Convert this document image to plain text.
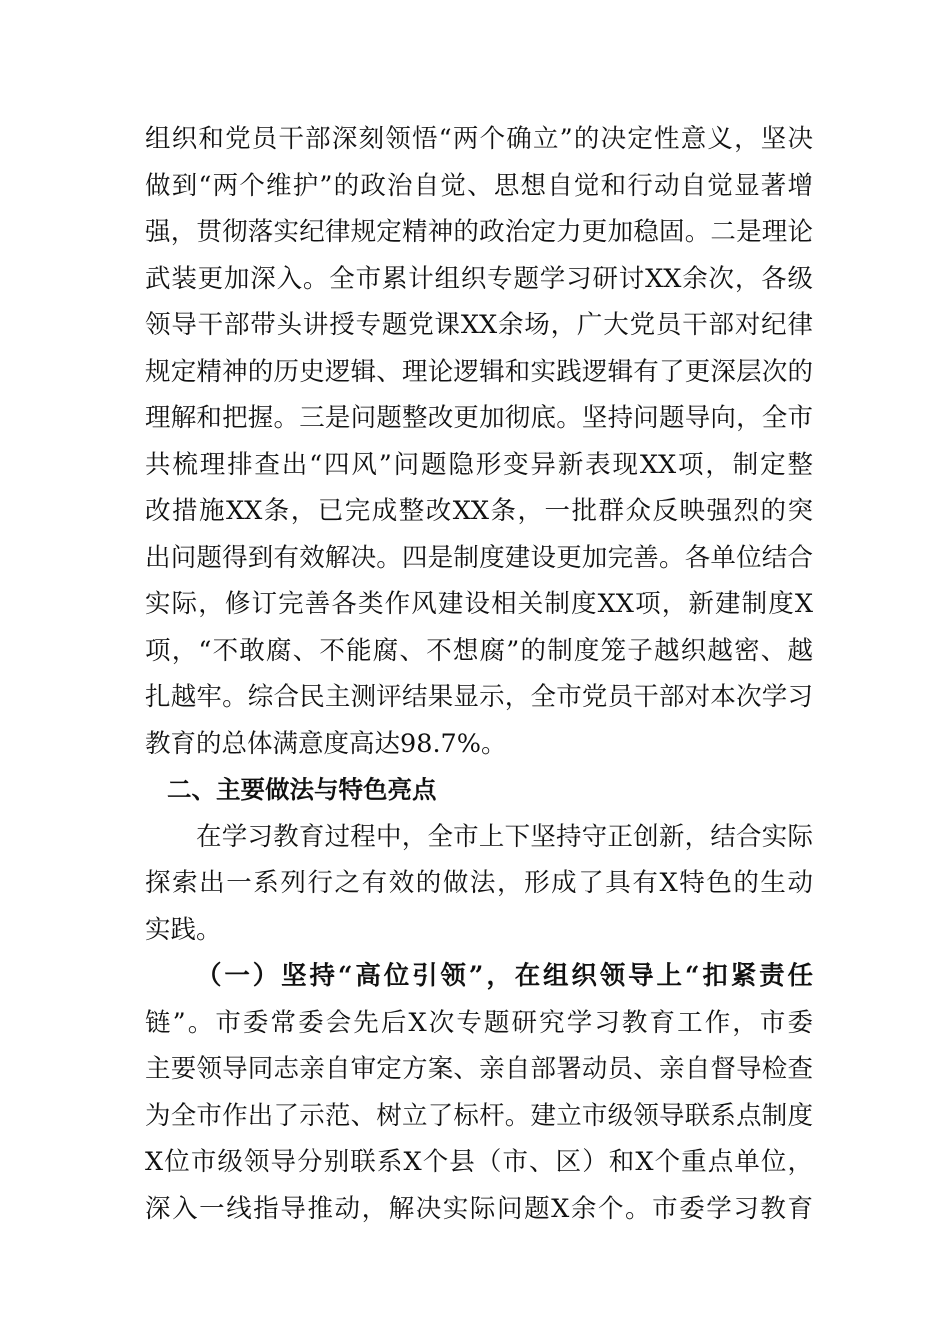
组织和党员干部深刻领悟“两个确立”的决定性意义，坚决
做到“两个维护”的政治自觉、思想自觉和行动自觉显著增
强，贯彻落实纪律规定精神的政治定力更加稳固。二是理论
武装更加深入。全市累计组织专题学习研讨XX余次，各级
领导干部带头讲授专题党课XX余场，广大党员干部对纪律
规定精神的历史逻辑、理论逻辑和实践逻辑有了更深层次的
理解和把握。三是问题整改更加彻底。坚持问题导向，全市
共梳理排查出“四风”问题隐形变异新表现XX项，制定整
改措施XX条，已完成整改XX条，一批群众反映强烈的突
出问题得到有效解决。四是制度建设更加完善。各单位结合
实际，修订完善各类作风建设相关制度XX项，新建制度X
项，“不敢腐、不能腐、不想腐”的制度笼子越织越密、越
扎越牢。综合民主测评结果显示，全市党员干部对本次学习
教育的总体满意度高达98.7%。
二、主要做法与特色亮点
在学习教育过程中，全市上下坚持守正创新，结合实际
探索出一系列行之有效的做法，形成了具有X特色的生动
实践。
（一）坚持“高位引领”，在组织领导上“扣紧责任
链”。市委常委会先后X次专题研究学习教育工作，市委
主要领导同志亲自审定方案、亲自部署动员、亲自督导检查
为全市作出了示范、树立了标杆。建立市级领导联系点制度
X位市级领导分别联系X个县（市、区）和X个重点单位，
深入一线指导推动，解决实际问题X余个。市委学习教育
